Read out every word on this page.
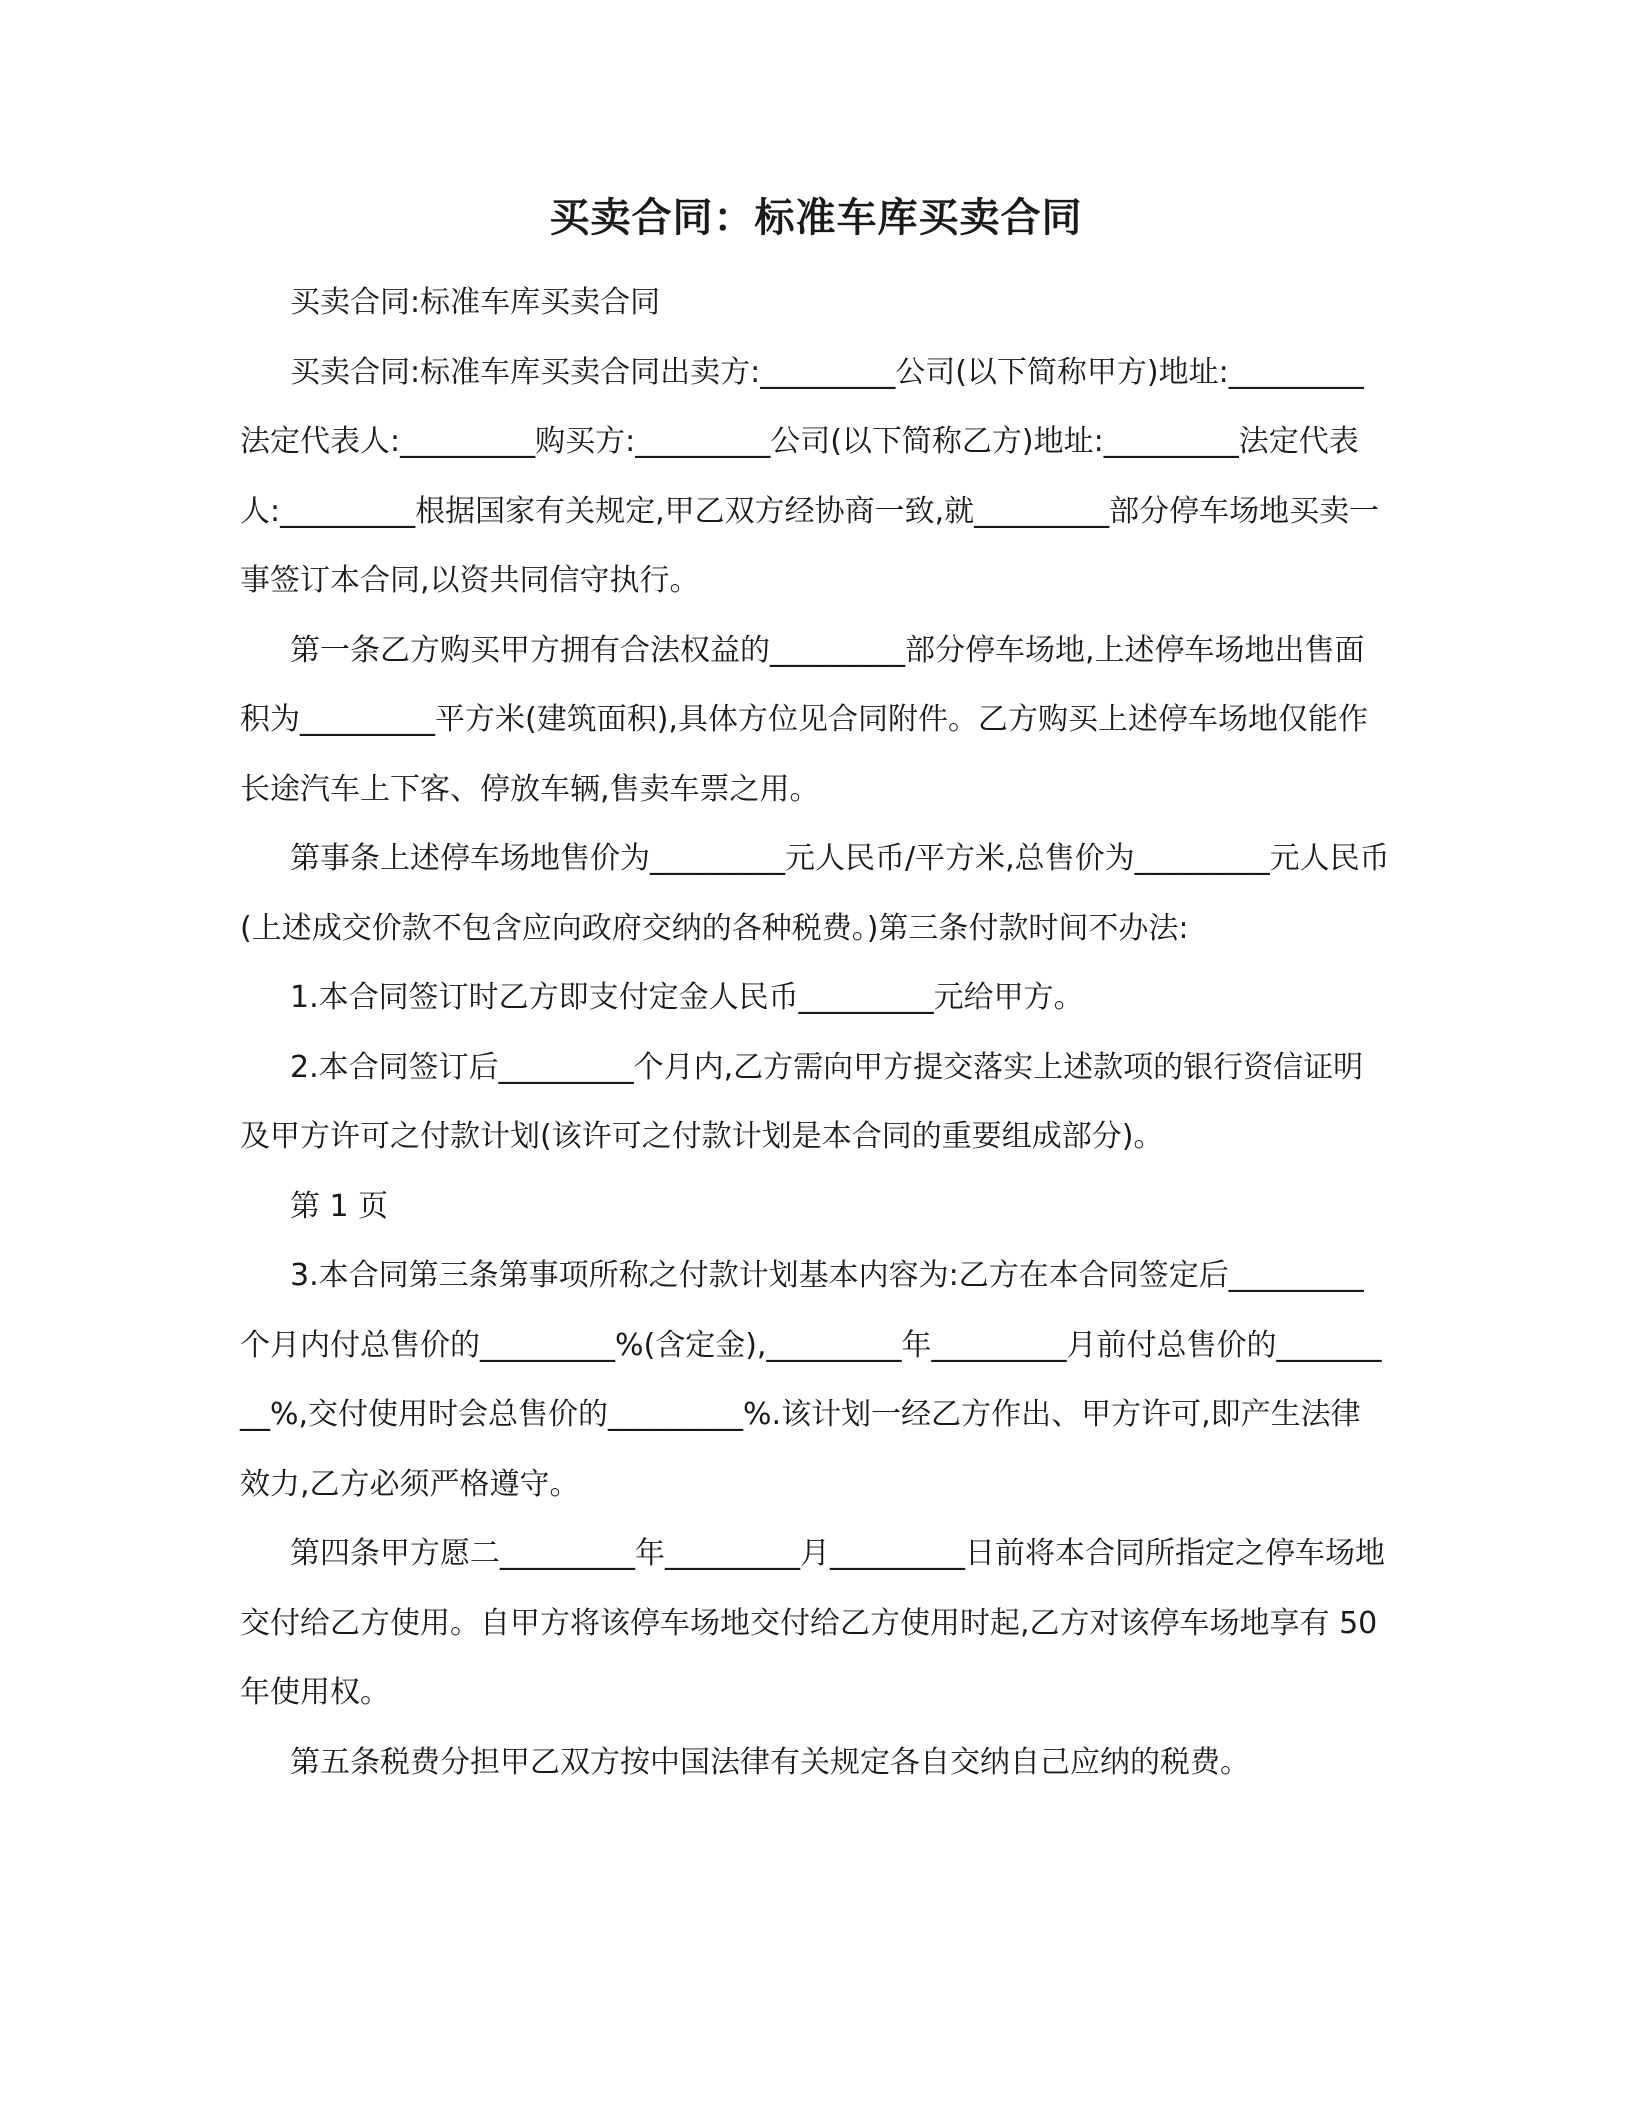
买卖合同：标准车库买卖合同

买卖合同:标准车库买卖合同

买卖合同:标准车库买卖合同出卖方:_________公司(以下简称甲方)地址:_________法定代表人:_________购买方:_________公司(以下简称乙方)地址:_________法定代表人:_________根据国家有关规定,甲乙双方经协商一致,就_________部分停车场地买卖一事签订本合同,以资共同信守执行。

第一条乙方购买甲方拥有合法权益的_________部分停车场地,上述停车场地出售面积为_________平方米(建筑面积),具体方位见合同附件。乙方购买上述停车场地仅能作长途汽车上下客、停放车辆,售卖车票之用。

第事条上述停车场地售价为_________元人民币/平方米,总售价为_________元人民币(上述成交价款不包含应向政府交纳的各种税费。)第三条付款时间不办法:

1.本合同签订时乙方即支付定金人民币_________元给甲方。

2.本合同签订后_________个月内,乙方需向甲方提交落实上述款项的银行资信证明及甲方许可之付款计划(该许可之付款计划是本合同的重要组成部分)。

第 1 页

3.本合同第三条第事项所称之付款计划基本内容为:乙方在本合同签定后_________个月内付总售价的_________%(含定金),_________年_________月前付总售价的_________%,交付使用时会总售价的_________%.该计划一经乙方作出、甲方许可,即产生法律效力,乙方必须严格遵守。

第四条甲方愿二_________年_________月_________日前将本合同所指定之停车场地交付给乙方使用。自甲方将该停车场地交付给乙方使用时起,乙方对该停车场地享有 50 年使用权。

第五条税费分担甲乙双方按中国法律有关规定各自交纳自己应纳的税费。
